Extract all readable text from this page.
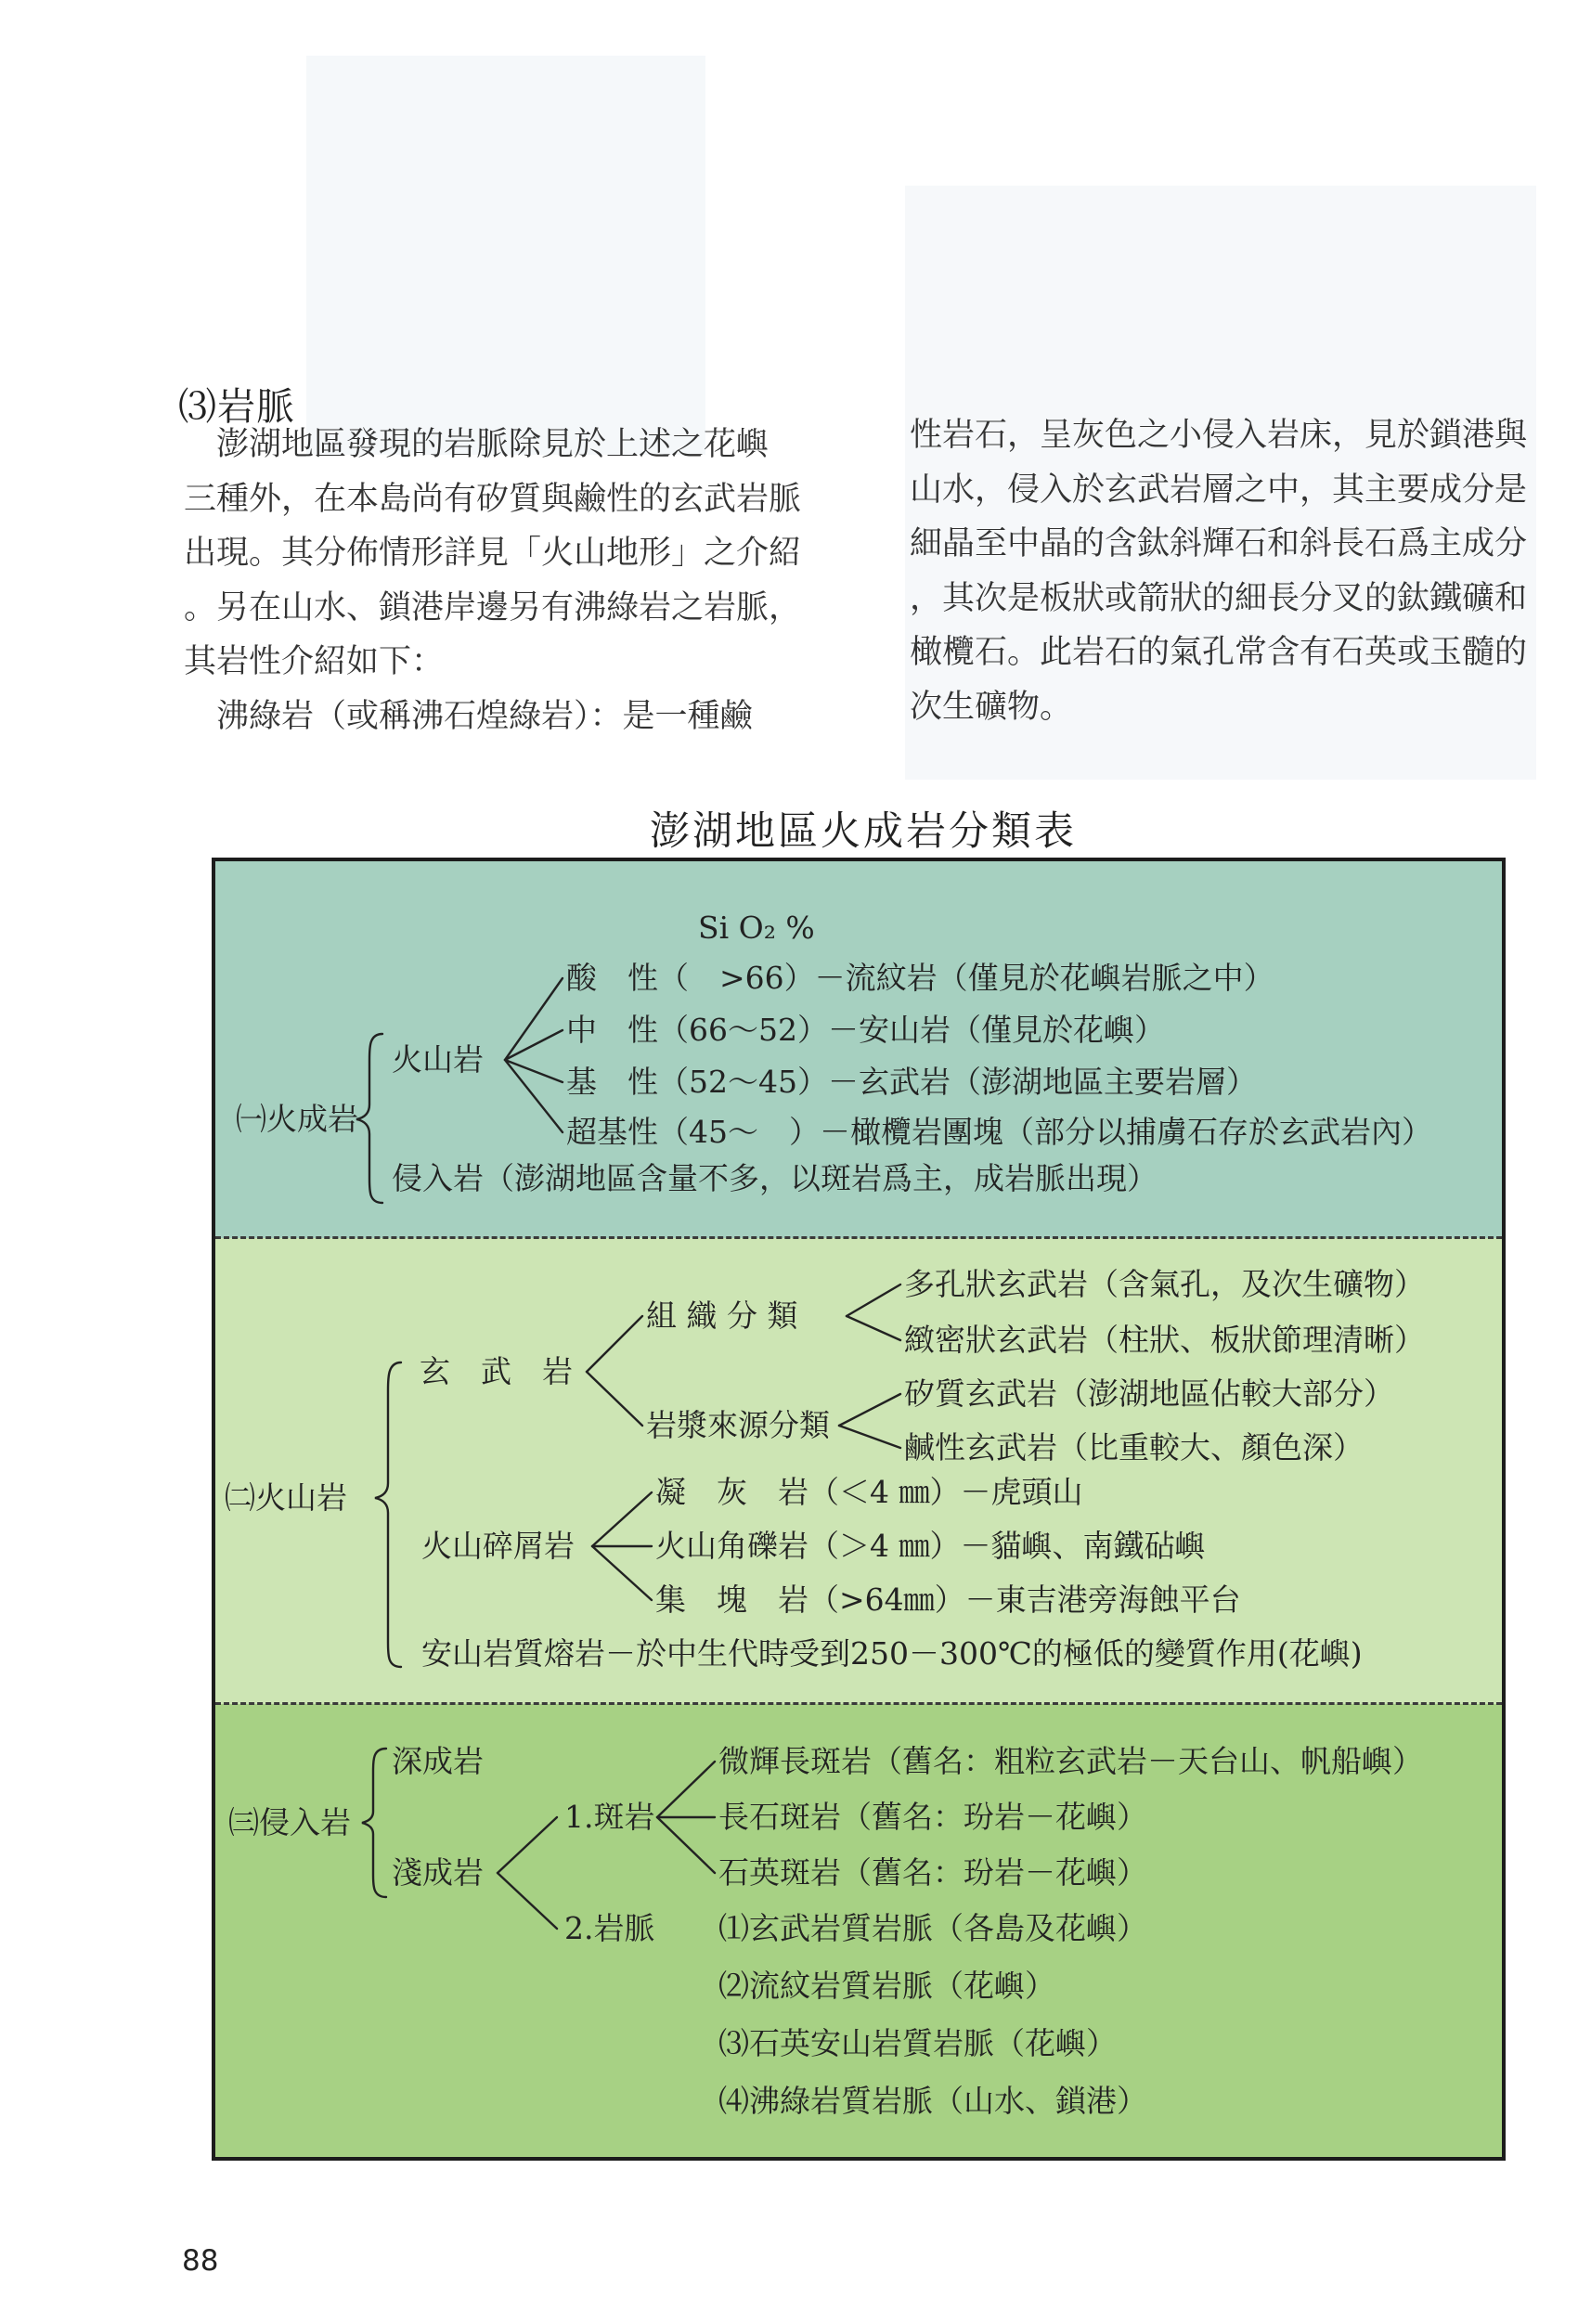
⑶岩脈

　澎湖地區發現的岩脈除見於上述之花嶼

三種外，在本島尚有矽質與鹼性的玄武岩脈

出現。其分佈情形詳見「火山地形」之介紹

。另在山水、鎖港岸邊另有沸綠岩之岩脈，

其岩性介紹如下：

　沸綠岩（或稱沸石煌綠岩）：是一種鹼

性岩石，呈灰色之小侵入岩床，見於鎖港與

山水，侵入於玄武岩層之中，其主要成分是

細晶至中晶的含鈦斜輝石和斜長石爲主成分

，其次是板狀或箭狀的細長分叉的鈦鐵礦和

橄欖石。此岩石的氣孔常含有石英或玉髓的

次生礦物。

澎湖地區火成岩分類表
Si O₂ %
㈠火成岩
火山岩
酸　性（　>66）－流紋岩（僅見於花嶼岩脈之中）
中　性（66～52）－安山岩（僅見於花嶼）
基　性（52～45）－玄武岩（澎湖地區主要岩層）
超基性（45～　）－橄欖岩團塊（部分以捕虜石存於玄武岩內）
侵入岩（澎湖地區含量不多，以斑岩爲主，成岩脈出現）
㈡火山岩
玄　武　岩
組 織 分 類
多孔狀玄武岩（含氣孔，及次生礦物）
緻密狀玄武岩（柱狀、板狀節理清晰）
岩漿來源分類
矽質玄武岩（澎湖地區佔較大部分）
鹹性玄武岩（比重較大、顏色深）
火山碎屑岩
凝　灰　岩（＜4 ㎜）－虎頭山
火山角礫岩（＞4 ㎜）－貓嶼、南鐵砧嶼
集　塊　岩（>64㎜）－東吉港旁海蝕平台
安山岩質熔岩－於中生代時受到250－300℃的極低的變質作用(花嶼)
㈢侵入岩
深成岩
淺成岩
1.斑岩
微輝長斑岩（舊名：粗粒玄武岩－天台山、帆船嶼）
長石斑岩（舊名：玢岩－花嶼）
石英斑岩（舊名：玢岩－花嶼）
2.岩脈 ⑴玄武岩質岩脈（各島及花嶼）
⑵流紋岩質岩脈（花嶼）
⑶石英安山岩質岩脈（花嶼）
⑷沸綠岩質岩脈（山水、鎖港）
88
